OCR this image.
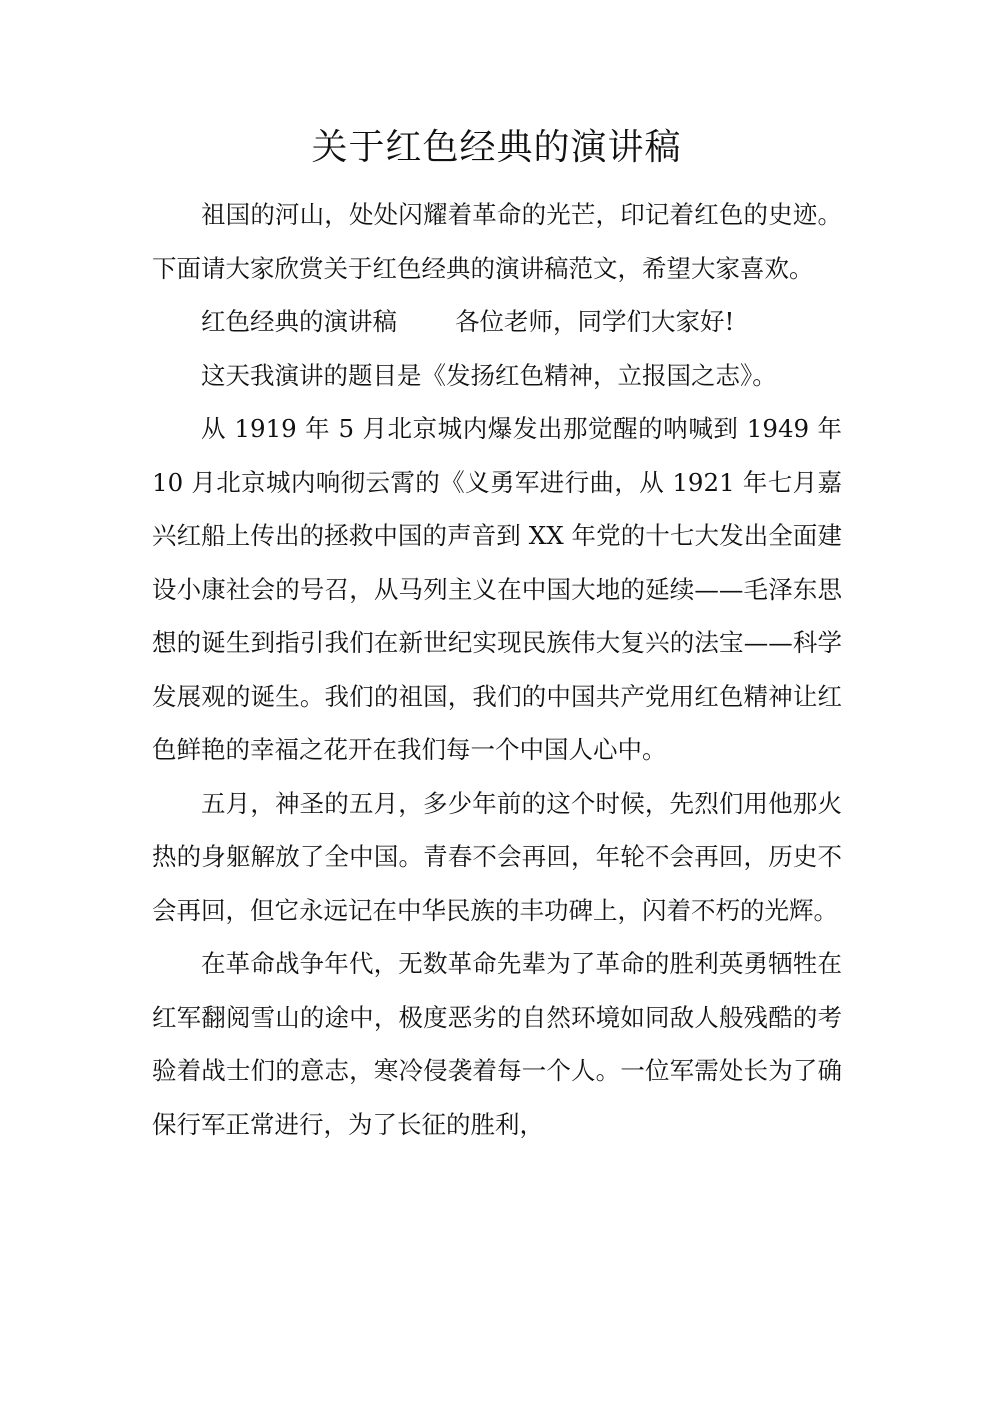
关于红色经典的演讲稿

祖国的河山，处处闪耀着革命的光芒，印记着红色的史迹。下面请大家欣赏关于红色经典的演讲稿范文，希望大家喜欢。

红色经典的演讲稿 各位老师，同学们大家好!

这天我演讲的题目是《发扬红色精神，立报国之志》。

从 1919 年 5 月北京城内爆发出那觉醒的呐喊到 1949 年 10 月北京城内响彻云霄的《义勇军进行曲，从 1921 年七月嘉兴红船上传出的拯救中国的声音到 XX 年党的十七大发出全面建设小康社会的号召，从马列主义在中国大地的延续——毛泽东思想的诞生到指引我们在新世纪实现民族伟大复兴的法宝——科学发展观的诞生。我们的祖国，我们的中国共产党用红色精神让红色鲜艳的幸福之花开在我们每一个中国人心中。

五月，神圣的五月，多少年前的这个时候，先烈们用他那火热的身躯解放了全中国。青春不会再回，年轮不会再回，历史不会再回，但它永远记在中华民族的丰功碑上，闪着不朽的光辉。

在革命战争年代，无数革命先辈为了革命的胜利英勇牺牲在红军翻阅雪山的途中，极度恶劣的自然环境如同敌人般残酷的考验着战士们的意志，寒冷侵袭着每一个人。一位军需处长为了确保行军正常进行，为了长征的胜利，
